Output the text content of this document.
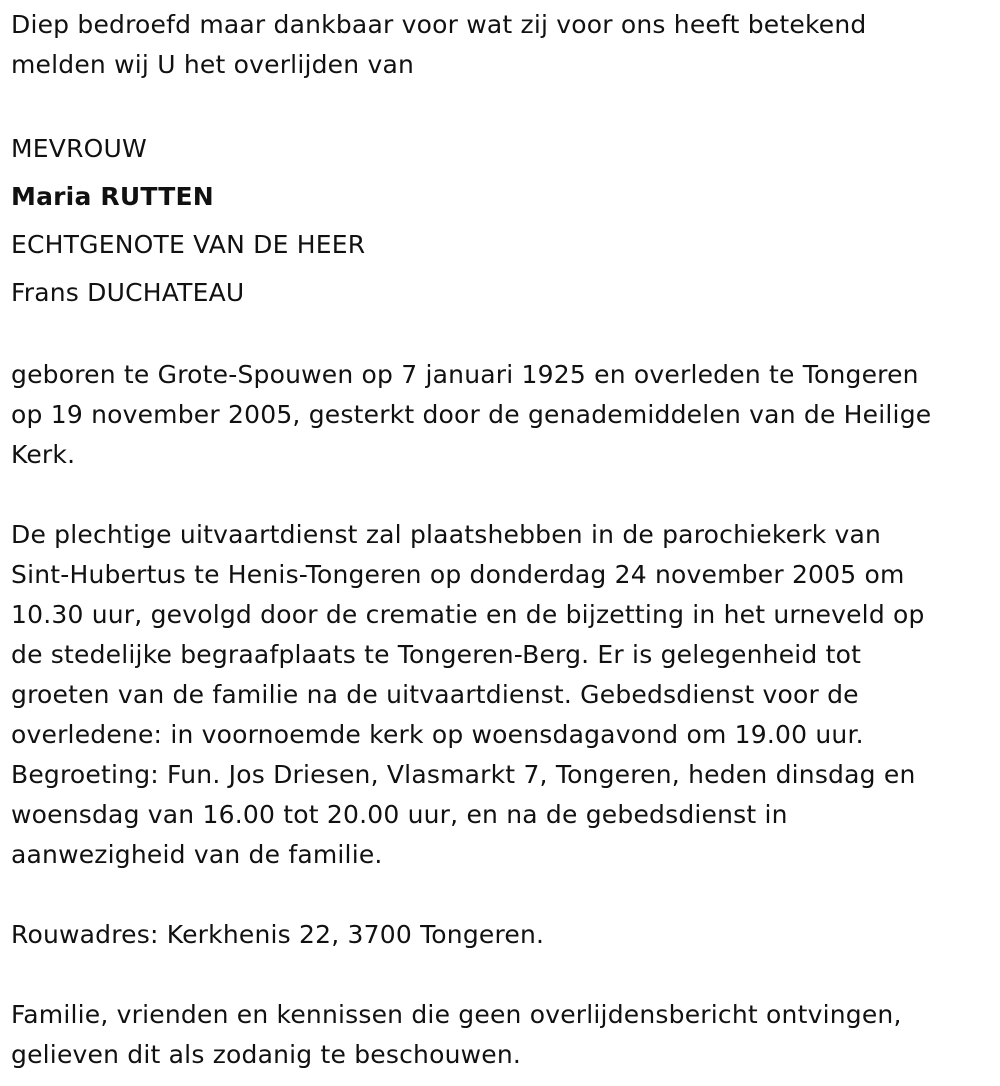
Diep bedroefd maar dankbaar voor wat zij voor ons heeft betekend
melden wij U het overlijden van
MEVROUW
Maria RUTTEN
ECHTGENOTE VAN DE HEER
Frans DUCHATEAU
geboren te Grote-Spouwen op 7 januari 1925 en overleden te Tongeren
op 19 november 2005, gesterkt door de genademiddelen van de Heilige
Kerk.
De plechtige uitvaartdienst zal plaatshebben in de parochiekerk van
Sint-Hubertus te Henis-Tongeren op donderdag 24 november 2005 om
10.30 uur, gevolgd door de crematie en de bijzetting in het urneveld op
de stedelijke begraafplaats te Tongeren-Berg. Er is gelegenheid tot
groeten van de familie na de uitvaartdienst. Gebedsdienst voor de
overledene: in voornoemde kerk op woensdagavond om 19.00 uur.
Begroeting: Fun. Jos Driesen, Vlasmarkt 7, Tongeren, heden dinsdag en
woensdag van 16.00 tot 20.00 uur, en na de gebedsdienst in
aanwezigheid van de familie.
Rouwadres: Kerkhenis 22, 3700 Tongeren.
Familie, vrienden en kennissen die geen overlijdensbericht ontvingen,
gelieven dit als zodanig te beschouwen.
